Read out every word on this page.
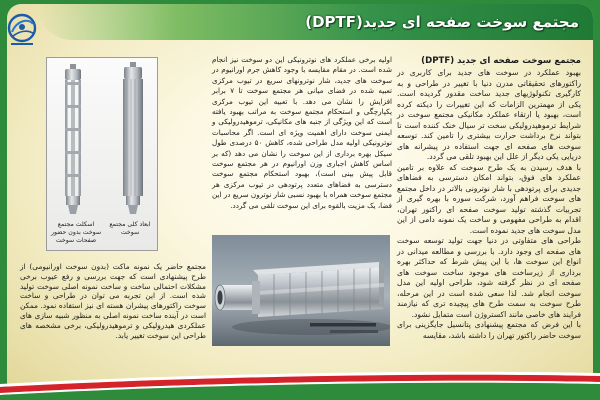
مجتمع سوخت صفحه ای جدید(DPTF)
اسکلت مجتمع
سوخت بدون حضور
صفحات سوخت
ابعاد کلی مجتمع
سوخت

مجتمع حاضر یک نمونه ماکت (بدون سوخت اورانیومی) از طرح پیشنهادی است که جهت بررسی و رفع عیوب برخی مشکلات احتمالی ساخت و ساخت نمونه اصلی سوخت تولید شده است. از این تجربه می توان در طراحی و ساخت سوخت راکتورهای پیشران هسته ای نیز استفاده نمود. ممکن است در آینده ساخت نمونه اصلی به منظور شبیه سازی های عملکردی هیدرولیکی و ترموهیدرولیکی، برخی مشخصه های طراحی این سوخت تغییر یابد.

اولیه برخی عملکرد های نوترونیکی این دو سوخت نیز انجام شده است. در مقام مقایسه با وجود کاهش جرم اورانیوم در سوخت های جدید، شار نوترونهای سریع در تیوب مرکزی تعبیه شده در فضای میانی هر مجتمع سوخت تا ۷ برابر افزایش را نشان می دهد. با تعبیه این تیوب مرکزی یکپارچگی و استحکام مجتمع سوخت به مراتب بهبود یافته است که این ویژگی از جنبه های مکانیکی، ترموهیدرولیکی و ایمنی سوخت دارای اهمیت ویژه ای است. اگر محاسبات نوترونیکی اولیه مدل طراحی شده، کاهش ۵۰ درصدی طول سیکل بهره برداری از این سوخت را نشان می دهد (که بر اساس کاهش اجباری وزن اورانیوم در هر مجتمع سوخت قابل پیش بینی است)، بهبود استحکام مجتمع سوخت دسترسی به فضاهای متعدد پرتودهی در تیوب مرکزی هر مجتمع سوخت همراه با بهبود نسبی شار نوترون سریع در این فضا، یک مزیت بالقوه برای این سوخت تلقی می گردد.

مجتمع سوخت صفحه ای جدید (DPTF)

بهبود عملکرد در سوخت های جدید برای کاربری در راکتورهای تحقیقاتی مدرن دنیا با تغییر در طراحی و به کارگیری تکنولوژیهای جدید ساخت مقدور گردیده است. یکی از مهمترین الزامات که این تغییرات را دیکته کرده است، بهبود یا ارتقاء عملکرد مکانیکی مجتمع سوخت در شرایط ترموهیدرولیکی سخت تر سیال خنک کننده است تا بتواند نرخ برداشت حرارت بیشتری را تامین کند. توسعه سوخت های صفحه ای جهت استفاده در پیشرانه های دریایی یکی دیگر از علل این بهبود تلقی می گردد.

با هدف رسیدن به یک طرح سوخت که علاوه بر تامین عملکرد های فوق، بتواند امکان دسترسی به فضاهای جدیدی برای پرتودهی با شار نوترونی بالاتر در داخل مجتمع های سوخت فراهم آورد، شرکت سوره با بهره گیری از تجربیات گذشته تولید سوخت صفحه ای راکتور تهران، اقدام به طراحی مفهومی و ساخت یک نمونه دامی از این مدل سوخت های جدید نموده است.

طراحی های متفاوتی در دنیا جهت تولید توسعه سوخت های صفحه ای وجود دارد. با بررسی و مطالعه میدانی در انواع این سوخت ها، با این پیش شرط که حداکثر بهره برداری از زیرساخت های موجود ساخت سوخت های صفحه ای در نظر گرفته شود، طراحی اولیه این مدل سوخت انجام شد. لذا سعی شده است در این مرحله، طرح سوخت به سمت طرح های پیچیده تری که نیازمند فرایند های خاصی مانند اکستروژن است متمایل نشود.

با این فرض که مجتمع پیشنهادی پتانسیل جایگزینی برای سوخت حاضر راکتور تهران را داشته باشد، مقایسه
